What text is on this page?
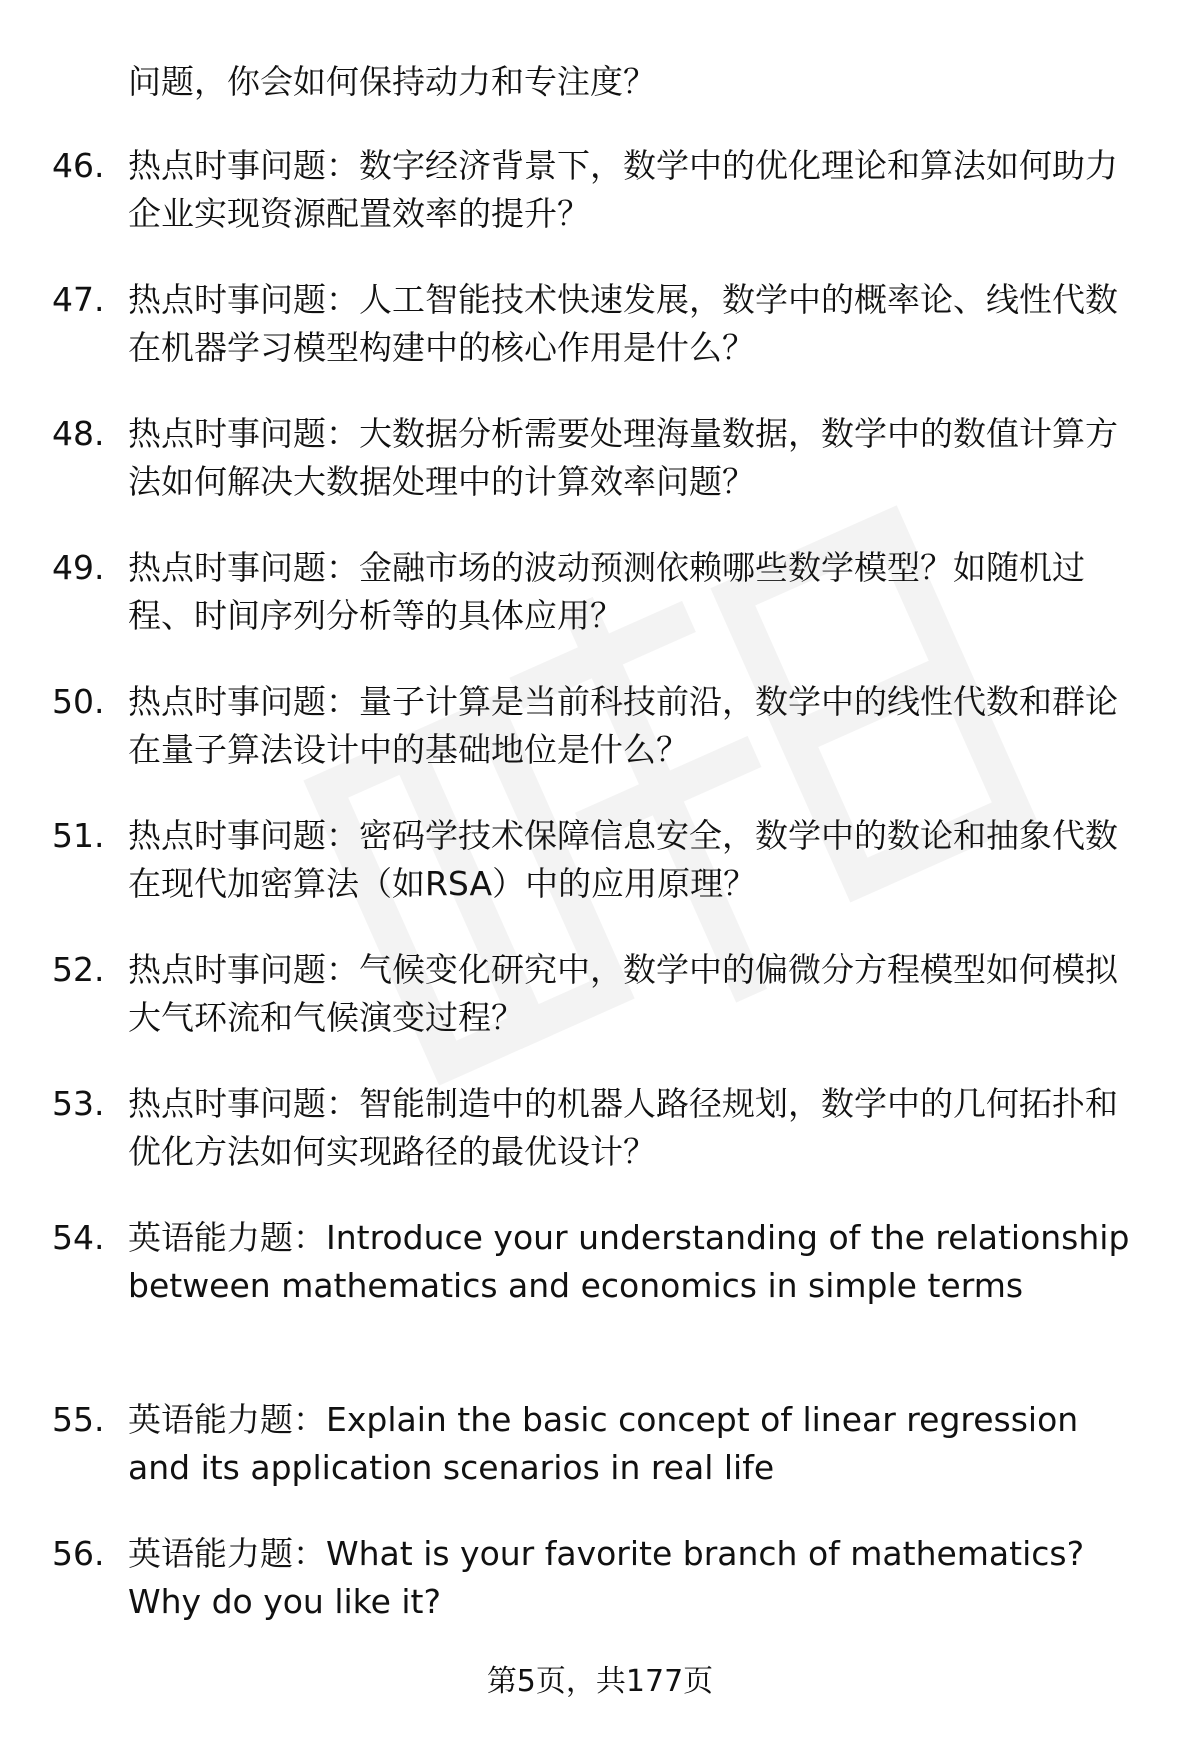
问题，你会如何保持动力和专注度？
46. 热点时事问题：数字经济背景下，数学中的优化理论和算法如何助力企业实现资源配置效率的提升？
47. 热点时事问题：人工智能技术快速发展，数学中的概率论、线性代数在机器学习模型构建中的核心作用是什么？
48. 热点时事问题：大数据分析需要处理海量数据，数学中的数值计算方法如何解决大数据处理中的计算效率问题？
49. 热点时事问题：金融市场的波动预测依赖哪些数学模型？如随机过程、时间序列分析等的具体应用？
50. 热点时事问题：量子计算是当前科技前沿，数学中的线性代数和群论在量子算法设计中的基础地位是什么？
51. 热点时事问题：密码学技术保障信息安全，数学中的数论和抽象代数在现代加密算法（如RSA）中的应用原理？
52. 热点时事问题：气候变化研究中，数学中的偏微分方程模型如何模拟大气环流和气候演变过程？
53. 热点时事问题：智能制造中的机器人路径规划，数学中的几何拓扑和优化方法如何实现路径的最优设计？
54. 英语能力题：Introduce your understanding of the relationship between mathematics and economics in simple terms
55. 英语能力题：Explain the basic concept of linear regression and its application scenarios in real life
56. 英语能力题：What is your favorite branch of mathematics? Why do you like it?
第5页，共177页
